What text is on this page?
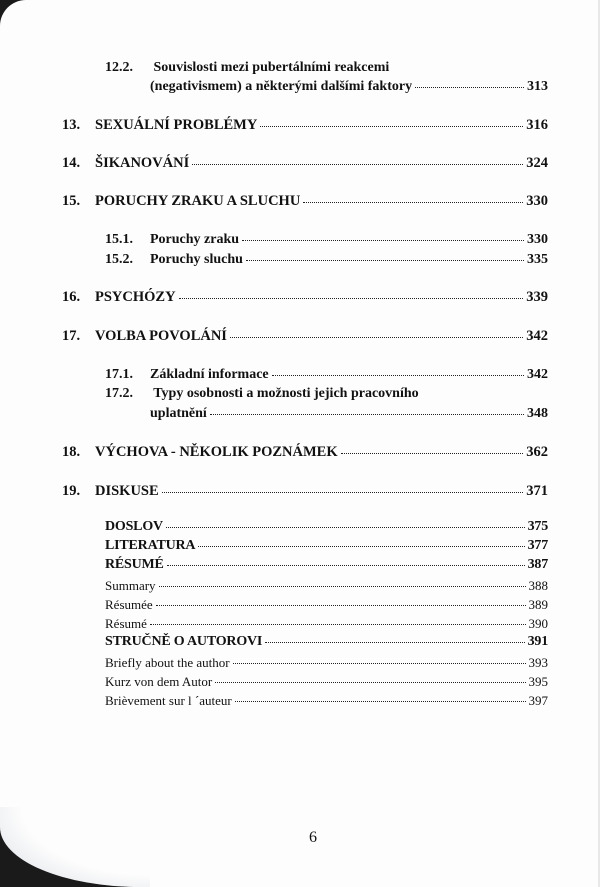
12.2. Souvislosti mezi pubertálními reakcemi
(negativismem) a některými dalšími faktory	313
13.	SEXUÁLNÍ PROBLÉMY	316
14.	ŠIKANOVÁNÍ	324
15.	PORUCHY ZRAKU A SLUCHU	330
15.1.	Poruchy zraku	330
15.2.	Poruchy sluchu	335
16.	PSYCHÓZY	339
17.	VOLBA POVOLÁNÍ	342
17.1.	Základní informace	342
17.2. Typy osobnosti a možnosti jejich pracovního
uplatnění	348
18.	VÝCHOVA - NĚKOLIK POZNÁMEK	362
19.	DISKUSE	371
DOSLOV	375
LITERATURA	377
RÉSUMÉ	387
Summary	388
Résumée	389
Résumé	390
STRUČNĚ O AUTOROVI	391
Briefly about the author	393
Kurz von dem Autor	395
Brièvement sur l ´auteur	397
6
